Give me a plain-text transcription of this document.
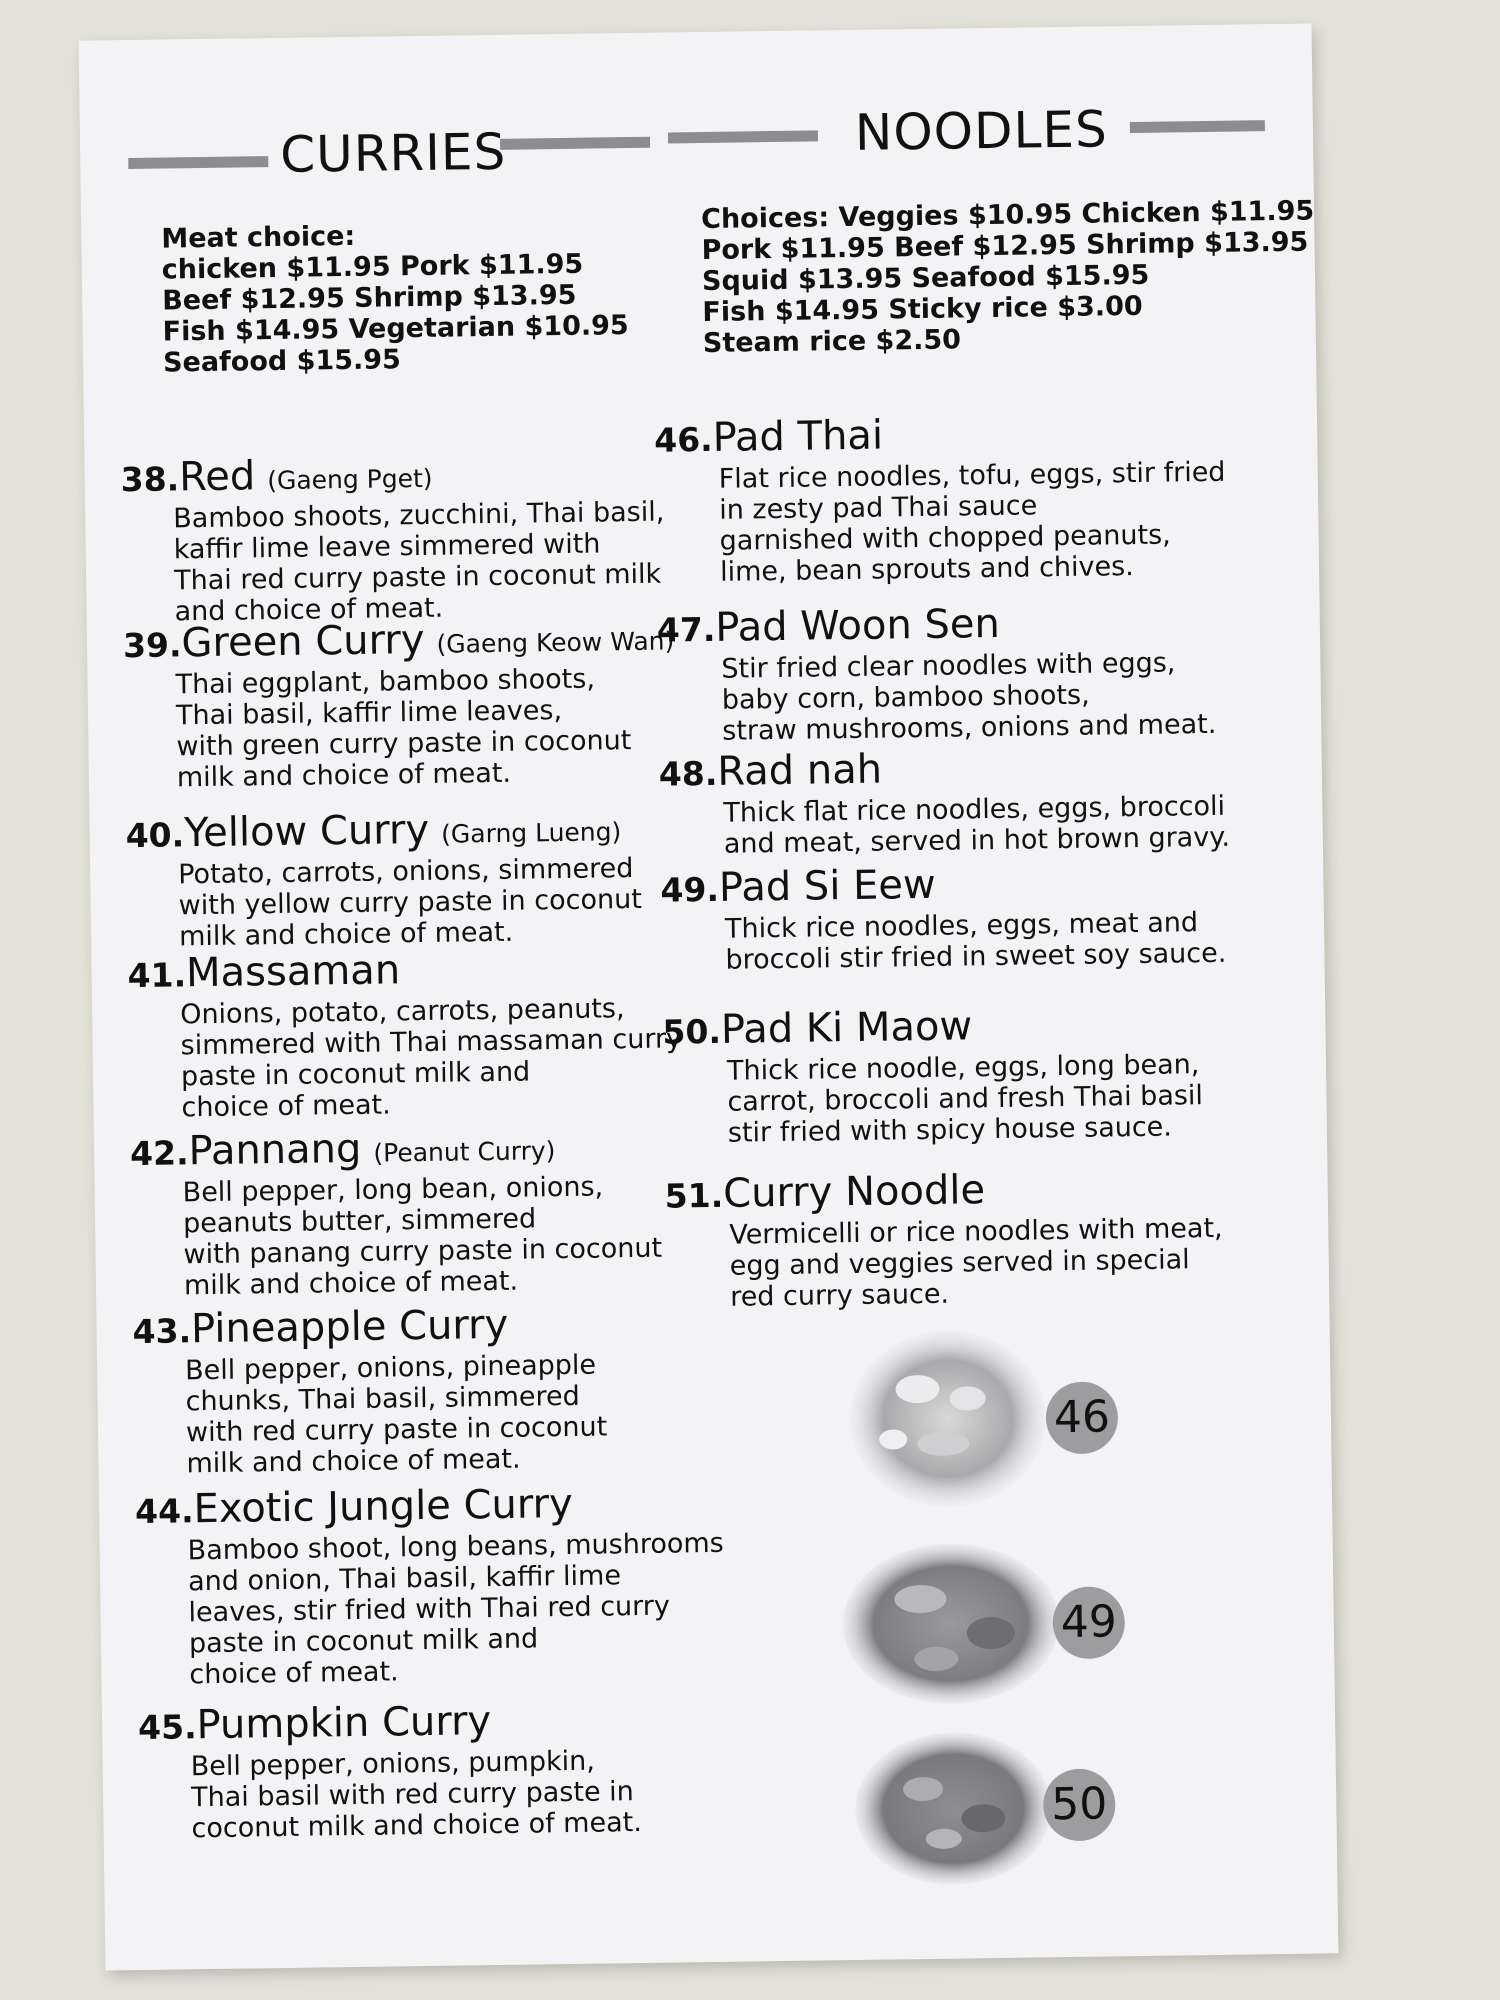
CURRIES	NOODLES
Meat choice:
chicken $11.95 Pork $11.95
Beef $12.95 Shrimp $13.95
Fish $14.95 Vegetarian $10.95
Seafood $15.95
Choices: Veggies $10.95 Chicken $11.95
Pork $11.95 Beef $12.95 Shrimp $13.95
Squid $13.95 Seafood $15.95
Fish $14.95 Sticky rice $3.00
Steam rice $2.50
38.Red (Gaeng Pget)
Bamboo shoots, zucchini, Thai basil,
kaffir lime leave simmered with
Thai red curry paste in coconut milk
and choice of meat.
39.Green Curry (Gaeng Keow Wan)
Thai eggplant, bamboo shoots,
Thai basil, kaffir lime leaves,
with green curry paste in coconut
milk and choice of meat.
40.Yellow Curry (Garng Lueng)
Potato, carrots, onions, simmered
with yellow curry paste in coconut
milk and choice of meat.
41.Massaman
Onions, potato, carrots, peanuts,
simmered with Thai massaman curry
paste in coconut milk and
choice of meat.
42.Pannang (Peanut Curry)
Bell pepper, long bean, onions,
peanuts butter, simmered
with panang curry paste in coconut
milk and choice of meat.
43.Pineapple Curry
Bell pepper, onions, pineapple
chunks, Thai basil, simmered
with red curry paste in coconut
milk and choice of meat.
44.Exotic Jungle Curry
Bamboo shoot, long beans, mushrooms
and onion, Thai basil, kaffir lime
leaves, stir fried with Thai red curry
paste in coconut milk and
choice of meat.
45.Pumpkin Curry
Bell pepper, onions, pumpkin,
Thai basil with red curry paste in
coconut milk and choice of meat.
46.Pad Thai
Flat rice noodles, tofu, eggs, stir fried
in zesty pad Thai sauce
garnished with chopped peanuts,
lime, bean sprouts and chives.
47.Pad Woon Sen
Stir fried clear noodles with eggs,
baby corn, bamboo shoots,
straw mushrooms, onions and meat.
48.Rad nah
Thick flat rice noodles, eggs, broccoli
and meat, served in hot brown gravy.
49.Pad Si Eew
Thick rice noodles, eggs, meat and
broccoli stir fried in sweet soy sauce.
50.Pad Ki Maow
Thick rice noodle, eggs, long bean,
carrot, broccoli and fresh Thai basil
stir fried with spicy house sauce.
51.Curry Noodle
Vermicelli or rice noodles with meat,
egg and veggies served in special
red curry sauce.
46
49
50
